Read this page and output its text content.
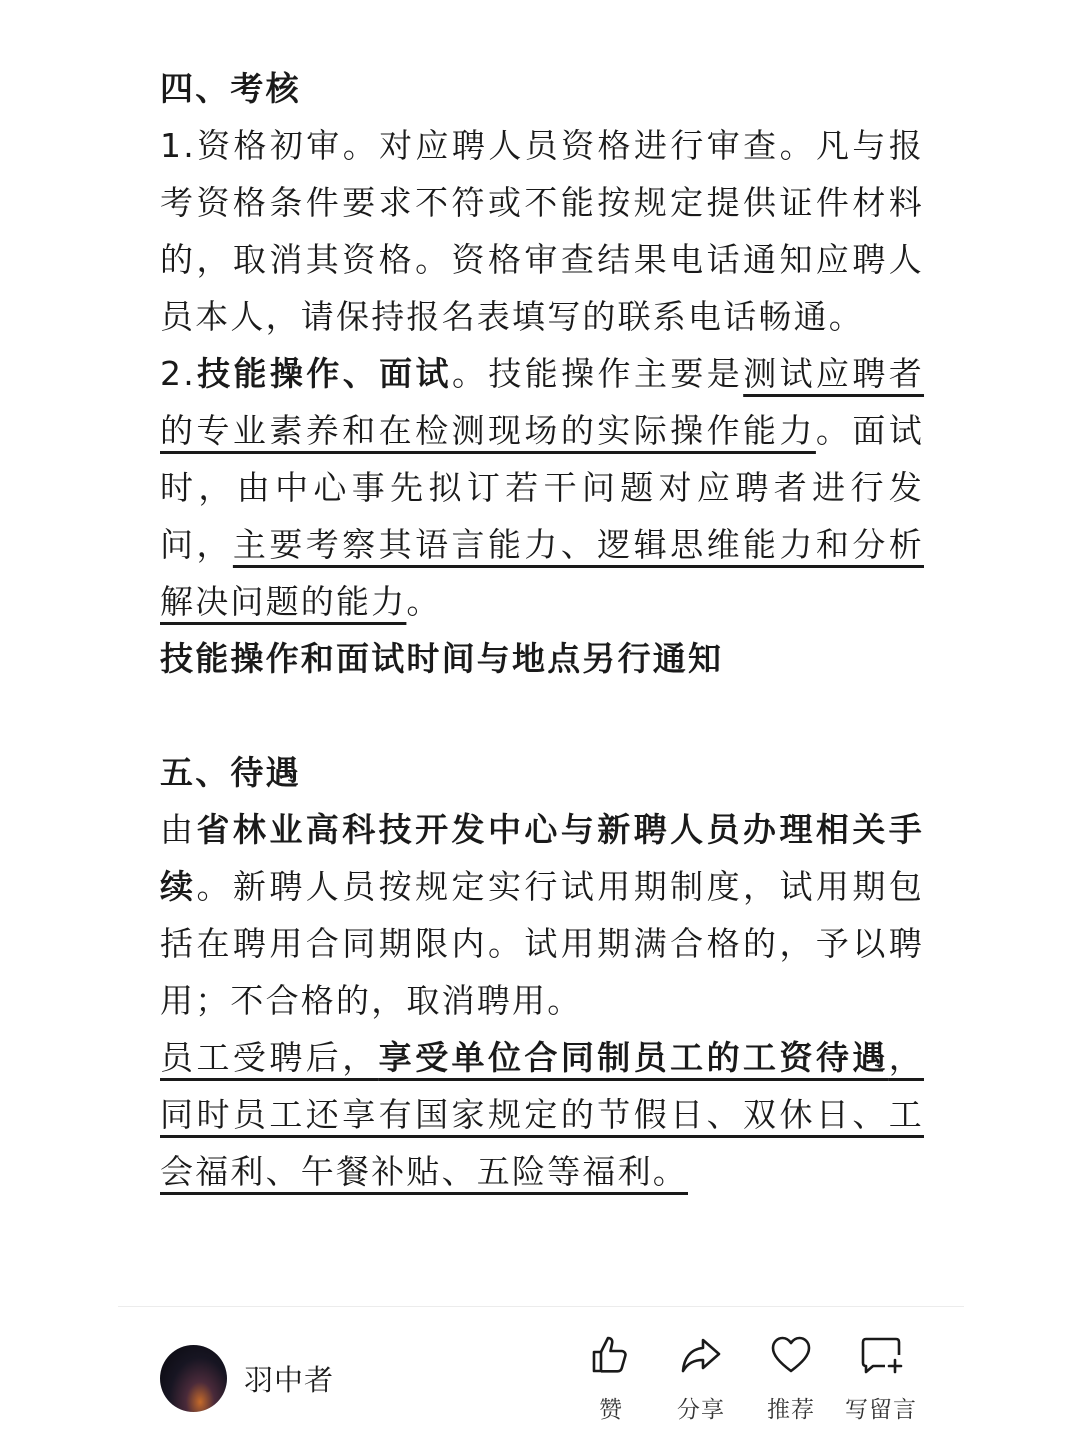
四、考核

1.资格初审。对应聘人员资格进行审查。凡与报考资格条件要求不符或不能按规定提供证件材料的，取消其资格。资格审查结果电话通知应聘人员本人，请保持报名表填写的联系电话畅通。

2.技能操作、面试。技能操作主要是测试应聘者的专业素养和在检测现场的实际操作能力。面试时，由中心事先拟订若干问题对应聘者进行发问，主要考察其语言能力、逻辑思维能力和分析解决问题的能力。

技能操作和面试时间与地点另行通知

五、待遇

由省林业高科技开发中心与新聘人员办理相关手续。新聘人员按规定实行试用期制度，试用期包括在聘用合同期限内。试用期满合格的，予以聘用；不合格的，取消聘用。

员工受聘后，享受单位合同制员工的工资待遇，同时员工还享有国家规定的节假日、双休日、工会福利、午餐补贴、五险等福利。

羽中者
赞 分享 推荐 写留言
